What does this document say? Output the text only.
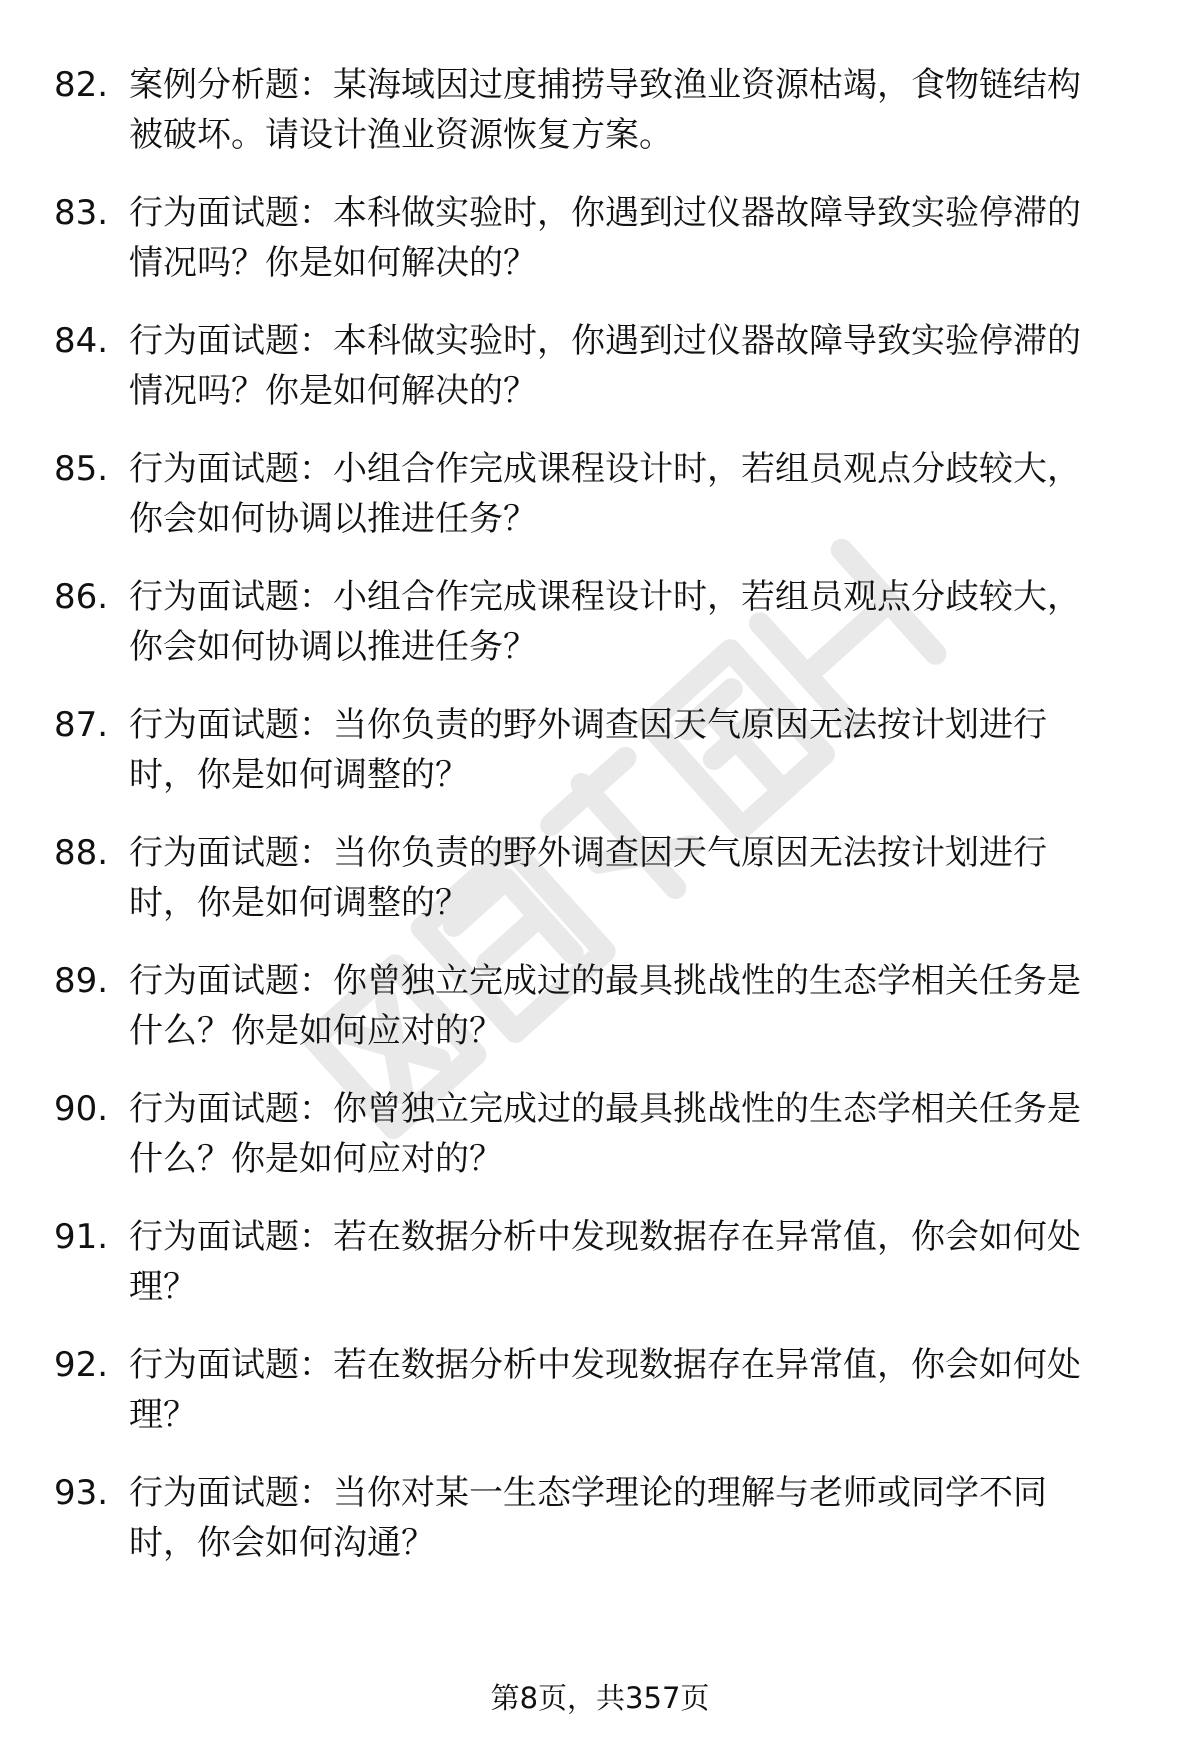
82. 案例分析题：某海域因过度捕捞导致渔业资源枯竭，食物链结构
被破坏。请设计渔业资源恢复方案。
83. 行为面试题：本科做实验时，你遇到过仪器故障导致实验停滞的
情况吗？你是如何解决的？
84. 行为面试题：本科做实验时，你遇到过仪器故障导致实验停滞的
情况吗？你是如何解决的？
85. 行为面试题：小组合作完成课程设计时，若组员观点分歧较大，
你会如何协调以推进任务？
86. 行为面试题：小组合作完成课程设计时，若组员观点分歧较大，
你会如何协调以推进任务？
87. 行为面试题：当你负责的野外调查因天气原因无法按计划进行
时，你是如何调整的？
88. 行为面试题：当你负责的野外调查因天气原因无法按计划进行
时，你是如何调整的？
89. 行为面试题：你曾独立完成过的最具挑战性的生态学相关任务是
什么？你是如何应对的？
90. 行为面试题：你曾独立完成过的最具挑战性的生态学相关任务是
什么？你是如何应对的？
91. 行为面试题：若在数据分析中发现数据存在异常值，你会如何处
理？
92. 行为面试题：若在数据分析中发现数据存在异常值，你会如何处
理？
93. 行为面试题：当你对某一生态学理论的理解与老师或同学不同
时，你会如何沟通？
第8页，共357页
